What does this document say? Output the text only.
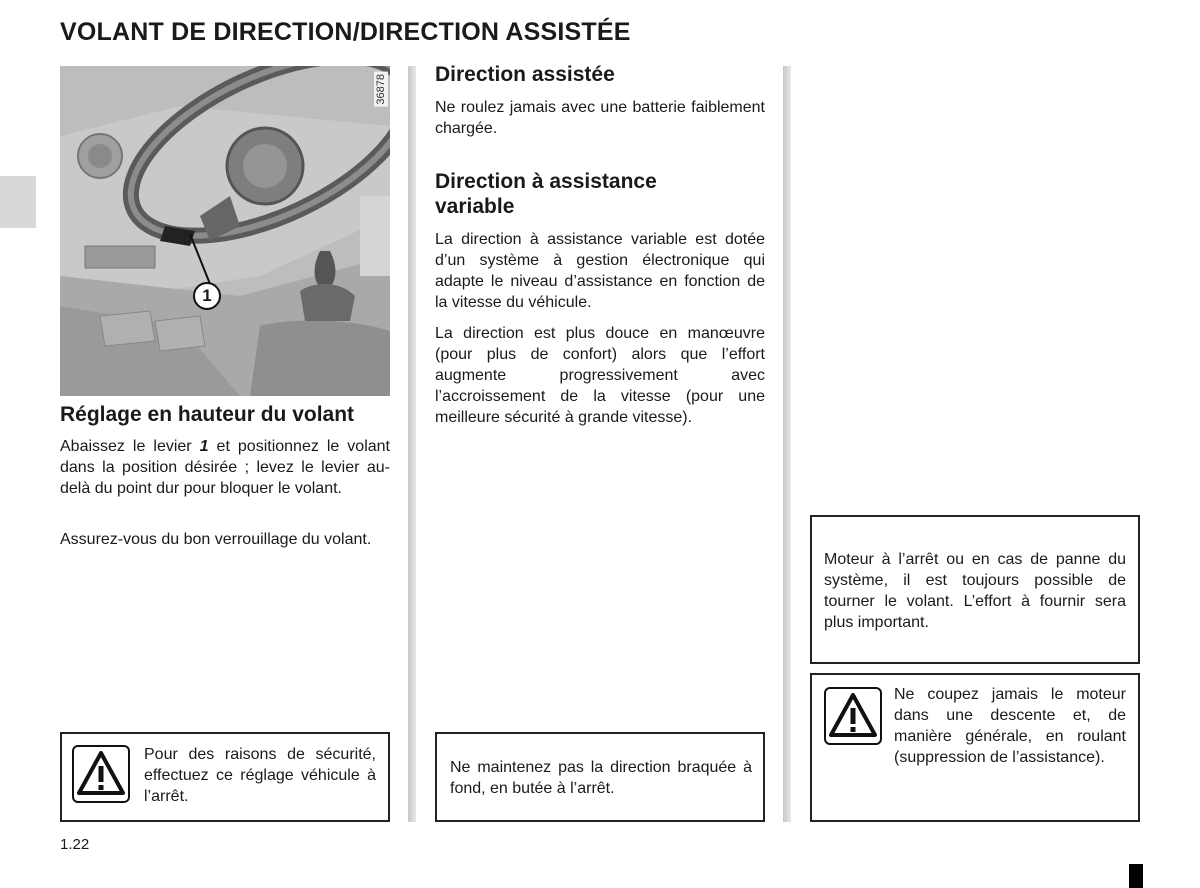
VOLANT DE DIRECTION/DIRECTION ASSISTÉE
1
36878
Réglage en hauteur du volant

Abaissez le levier 1 et positionnez le volant dans la position désirée ; levez le levier au-delà du point dur pour bloquer le volant.

Assurez-vous du bon verrouillage du volant.

Pour des raisons de sécurité, effectuez ce réglage véhicule à l’arrêt.
Direction assistée

Ne roulez jamais avec une batterie faiblement chargée.

Direction à assistance variable

La direction à assistance variable est dotée d’un système à gestion électronique qui adapte le niveau d’assistance en fonction de la vitesse du véhicule.

La direction est plus douce en manœuvre (pour plus de confort) alors que l’effort augmente progressivement avec l’accroissement de la vitesse (pour une meilleure sécurité à grande vitesse).

Ne maintenez pas la direction braquée à fond, en butée à l’arrêt.
Moteur à l’arrêt ou en cas de panne du système, il est toujours possible de tourner le volant. L’effort à fournir sera plus important.
Ne coupez jamais le moteur dans une descente et, de manière générale, en roulant (suppression de l’assistance).
1.22
